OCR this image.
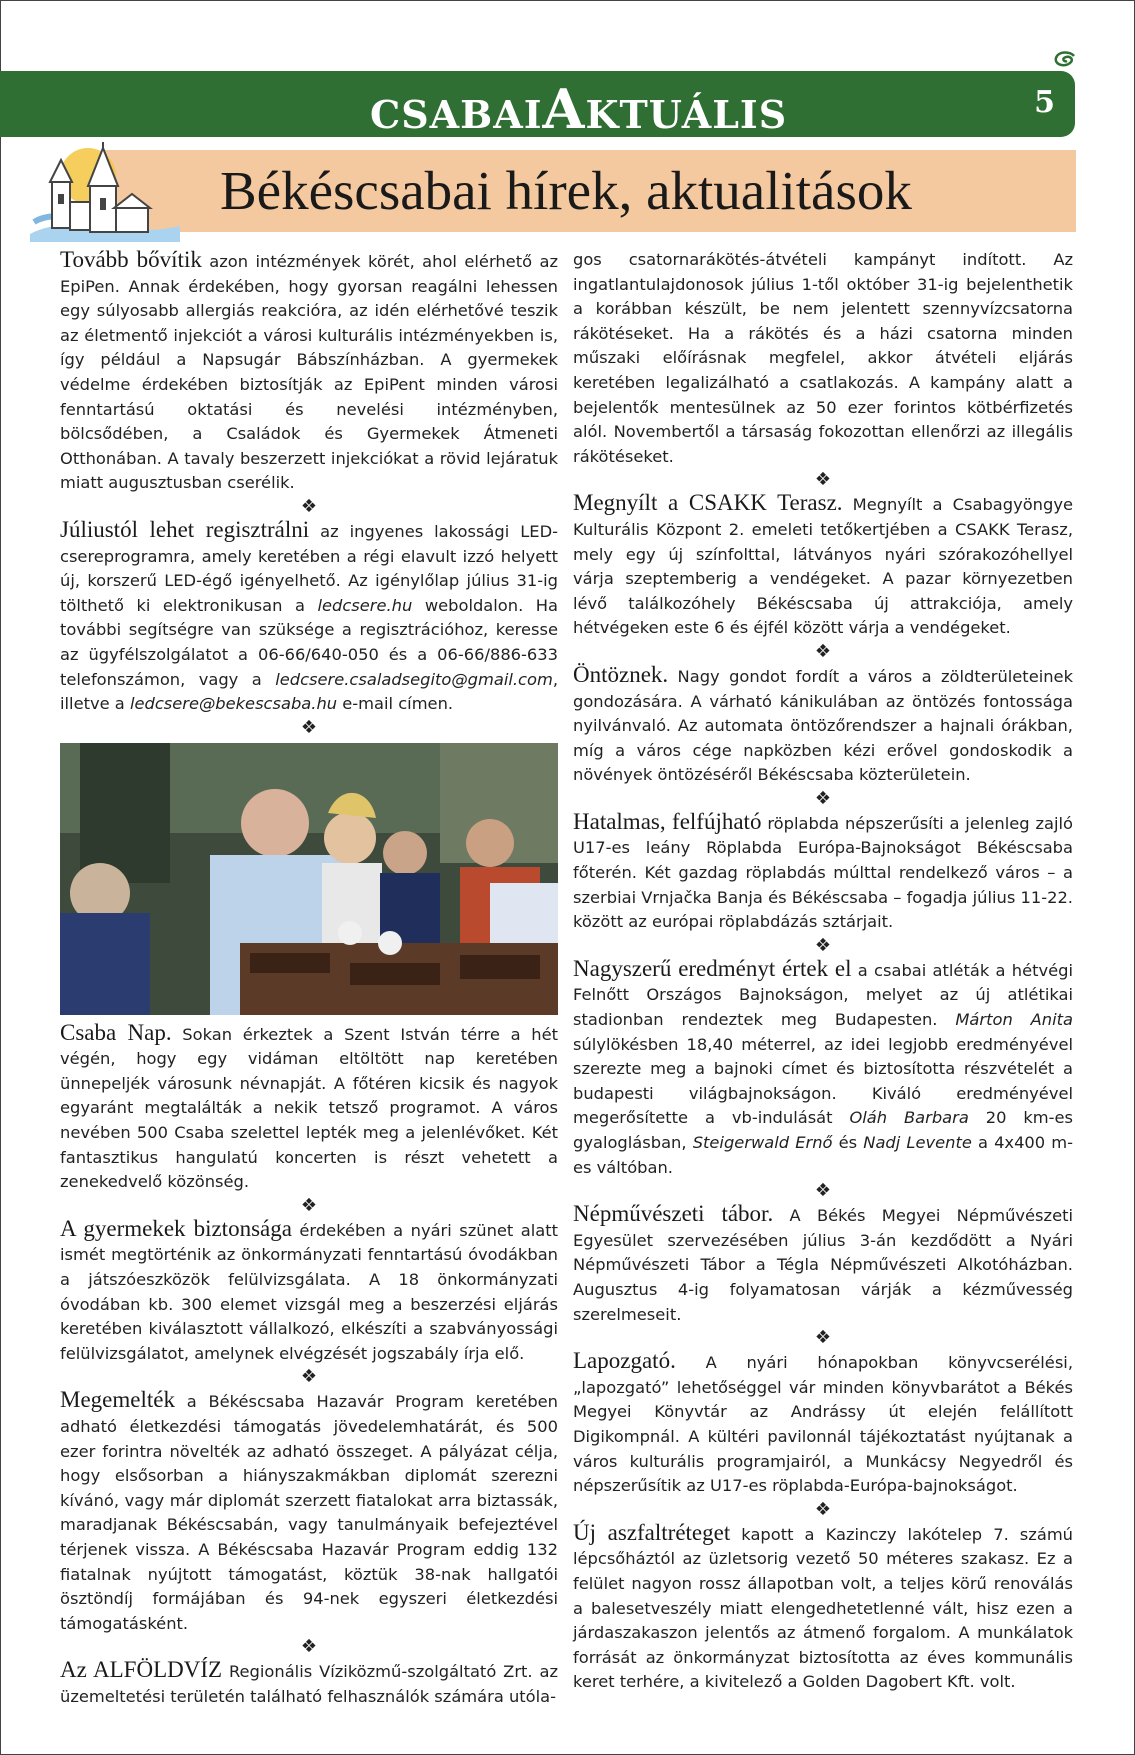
CSABAIAKTUÁLIS	5
Békéscsabai hírek, aktualitások

Tovább bővítik azon intézmények körét, ahol elérhető az EpiPen. Annak érdekében, hogy gyorsan reagálni lehessen egy súlyosabb allergiás reakcióra, az idén elérhetővé teszik az életmentő injekciót a városi kulturális intézményekben is, így például a Napsugár Bábszínházban. A gyermekek védelme érdekében biztosítják az EpiPent minden városi fenntartású oktatási és nevelési intézményben, bölcsődében, a Családok és Gyermekek Átmeneti Otthonában. A tavaly beszerzett injekciókat a rövid lejáratuk miatt augusztusban cserélik.

❖

Júliustól lehet regisztrálni az ingyenes lakossági LED-csereprogramra, amely keretében a régi elavult izzó helyett új, korszerű LED-égő igényelhető. Az igénylőlap július 31-ig tölthető ki elektronikusan a ledcsere.hu weboldalon. Ha további segítségre van szüksége a regisztrációhoz, keresse az ügyfélszolgálatot a 06-66/640-050 és a 06-66/886-633 telefonszámon, vagy a ledcsere.csaladsegito@gmail.com, illetve a ledcsere@bekescsaba.hu e-mail címen.

❖

Csaba Nap. Sokan érkeztek a Szent István térre a hét végén, hogy egy vidáman eltöltött nap keretében ünnepeljék városunk névnapját. A főtéren kicsik és nagyok egyaránt megtalálták a nekik tetsző programot. A város nevében 500 Csaba szelettel lepték meg a jelenlévőket. Két fantasztikus hangulatú koncerten is részt vehetett a zenekedvelő közönség.

❖

A gyermekek biztonsága érdekében a nyári szünet alatt ismét megtörténik az önkormányzati fenntartású óvodákban a játszóeszközök felülvizsgálata. A 18 önkormányzati óvodában kb. 300 elemet vizsgál meg a beszerzési eljárás keretében kiválasztott vállalkozó, elkészíti a szabványossági felülvizsgálatot, amelynek elvégzését jogszabály írja elő.

❖

Megemelték a Békéscsaba Hazavár Program keretében adható életkezdési támogatás jövedelemhatárát, és 500 ezer forintra növelték az adható összeget. A pályázat célja, hogy elsősorban a hiányszakmákban diplomát szerezni kívánó, vagy már diplomát szerzett fiatalokat arra biztassák, maradjanak Békéscsabán, vagy tanulmányaik befejeztével térjenek vissza. A Békéscsaba Hazavár Program eddig 132 fiatalnak nyújtott támogatást, köztük 38-nak hallgatói ösztöndíj formájában és 94-nek egyszeri életkezdési támogatásként.

❖

Az ALFÖLDVÍZ Regionális Víziközmű-szolgáltató Zrt. az üzemeltetési területén található felhasználók számára utóla-

gos csatornarákötés-átvételi kampányt indított. Az ingatlantulajdonosok július 1-től október 31-ig bejelenthetik a korábban készült, be nem jelentett szennyvízcsatorna rákötéseket. Ha a rákötés és a házi csatorna minden műszaki előírásnak megfelel, akkor átvételi eljárás keretében legalizálható a csatlakozás. A kampány alatt a bejelentők mentesülnek az 50 ezer forintos kötbérfizetés alól. Novembertől a társaság fokozottan ellenőrzi az illegális rákötéseket.

❖

Megnyílt a CSAKK Terasz. Megnyílt a Csabagyöngye Kulturális Központ 2. emeleti tetőkertjében a CSAKK Terasz, mely egy új színfolttal, látványos nyári szórakozóhellyel várja szeptemberig a vendégeket. A pazar környezetben lévő találkozóhely Békéscsaba új attrakciója, amely hétvégeken este 6 és éjfél között várja a vendégeket.

❖

Öntöznek. Nagy gondot fordít a város a zöldterületeinek gondozására. A várható kánikulában az öntözés fontossága nyilvánvaló. Az automata öntözőrendszer a hajnali órákban, míg a város cége napközben kézi erővel gondoskodik a növények öntözéséről Békéscsaba közterületein.

❖

Hatalmas, felfújható röplabda népszerűsíti a jelenleg zajló U17-es leány Röplabda Európa-Bajnokságot Békéscsaba főterén. Két gazdag röplabdás múlttal rendelkező város – a szerbiai Vrnjačka Banja és Békéscsaba – fogadja július 11-22. között az európai röplabdázás sztárjait.

❖

Nagyszerű eredményt értek el a csabai atléták a hétvégi Felnőtt Országos Bajnokságon, melyet az új atlétikai stadionban rendeztek meg Budapesten. Márton Anita súlylökésben 18,40 méterrel, az idei legjobb eredményével szerezte meg a bajnoki címet és biztosította részvételét a budapesti világbajnokságon. Kiváló eredményével megerősítette a vb-indulását Oláh Barbara 20 km-es gyaloglásban, Steigerwald Ernő és Nadj Levente a 4x400 m-es váltóban.

❖

Népművészeti tábor. A Békés Megyei Népművészeti Egyesület szervezésében július 3-án kezdődött a Nyári Népművészeti Tábor a Tégla Népművészeti Alkotóházban. Augusztus 4-ig folyamatosan várják a kézművesség szerelmeseit.

❖

Lapozgató. A nyári hónapokban könyvcserélési, „lapozgató” lehetőséggel vár minden könyvbarátot a Békés Megyei Könyvtár az Andrássy út elején felállított Digikompnál. A kültéri pavilonnál tájékoztatást nyújtanak a város kulturális programjairól, a Munkácsy Negyedről és népszerűsítik az U17-es röplabda-Európa-bajnokságot.

❖

Új aszfaltréteget kapott a Kazinczy lakótelep 7. számú lépcsőháztól az üzletsorig vezető 50 méteres szakasz. Ez a felület nagyon rossz állapotban volt, a teljes körű renoválás a balesetveszély miatt elengedhetetlenné vált, hisz ezen a járdaszakaszon jelentős az átmenő forgalom. A munkálatok forrását az önkormányzat biztosította az éves kommunális keret terhére, a kivitelező a Golden Dagobert Kft. volt.
